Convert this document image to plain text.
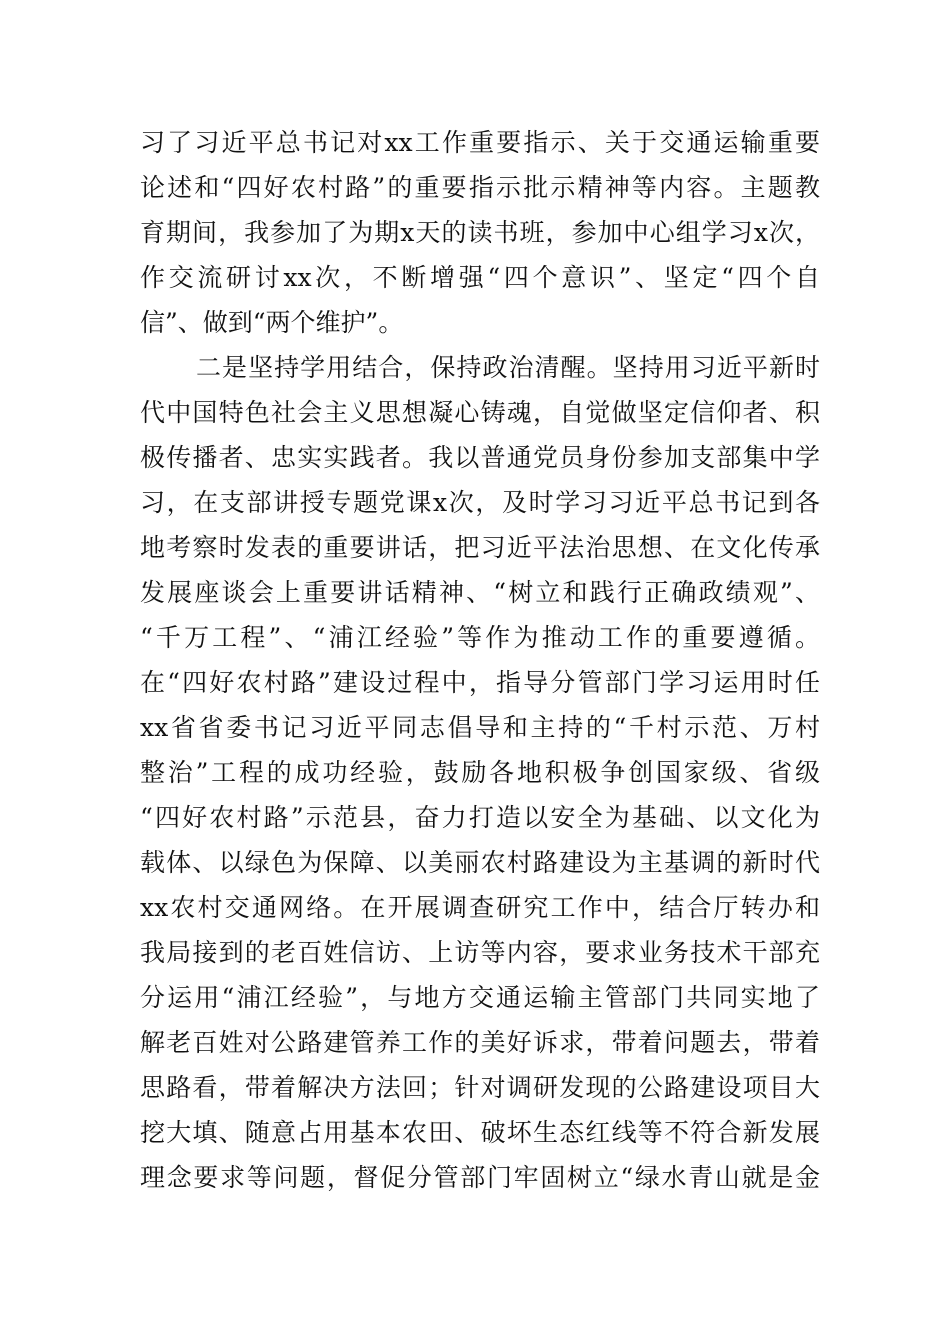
习了习近平总书记对xx工作重要指示、关于交通运输重要
论述和“四好农村路”的重要指示批示精神等内容。主题教
育期间，我参加了为期x天的读书班，参加中心组学习x次，
作交流研讨xx次，不断增强“四个意识”、坚定“四个自
信”、做到“两个维护”。
二是坚持学用结合，保持政治清醒。坚持用习近平新时
代中国特色社会主义思想凝心铸魂，自觉做坚定信仰者、积
极传播者、忠实实践者。我以普通党员身份参加支部集中学
习，在支部讲授专题党课x次，及时学习习近平总书记到各
地考察时发表的重要讲话，把习近平法治思想、在文化传承
发展座谈会上重要讲话精神、“树立和践行正确政绩观”、
“千万工程”、“浦江经验”等作为推动工作的重要遵循。
在“四好农村路”建设过程中，指导分管部门学习运用时任
xx省省委书记习近平同志倡导和主持的“千村示范、万村
整治”工程的成功经验，鼓励各地积极争创国家级、省级
“四好农村路”示范县，奋力打造以安全为基础、以文化为
载体、以绿色为保障、以美丽农村路建设为主基调的新时代
xx农村交通网络。在开展调查研究工作中，结合厅转办和
我局接到的老百姓信访、上访等内容，要求业务技术干部充
分运用“浦江经验”，与地方交通运输主管部门共同实地了
解老百姓对公路建管养工作的美好诉求，带着问题去，带着
思路看，带着解决方法回；针对调研发现的公路建设项目大
挖大填、随意占用基本农田、破坏生态红线等不符合新发展
理念要求等问题，督促分管部门牢固树立“绿水青山就是金
